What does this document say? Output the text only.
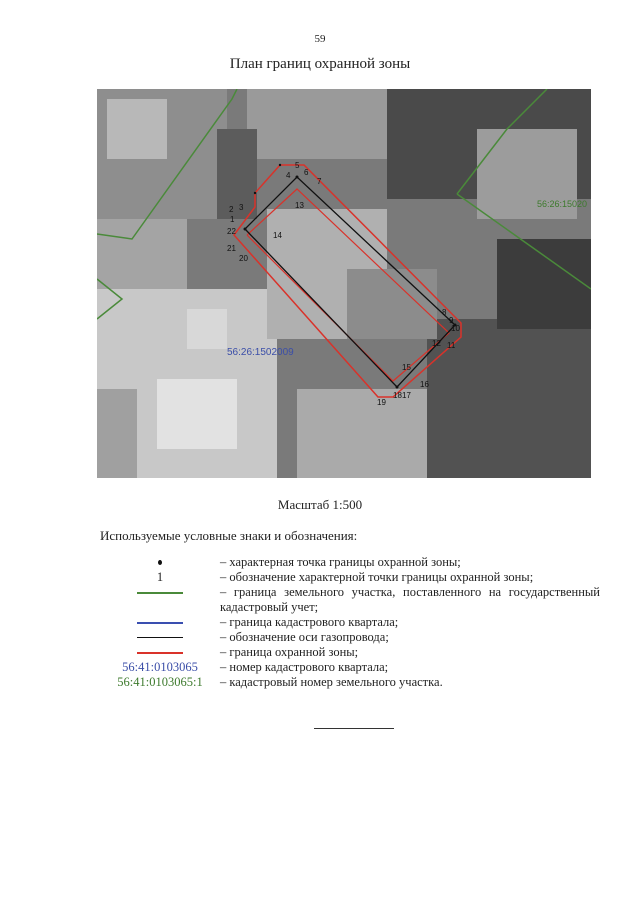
59
План границ охранной зоны
2 3
1
22
21
20
4
5
6
7
13
14
8
9
10
12 11
15
16
19
18 17
56:26:1502009
56:26:15020
Масштаб 1:500
Используемые условные знаки и обозначения:
– характерная точка границы охранной зоны;
1	– обозначение характерной точки границы охранной зоны;
– граница земельного участка, поставленного на государственный кадастровый учет;
– граница кадастрового квартала;
– обозначение оси газопровода;
– граница охранной зоны;
56:41:0103065	– номер кадастрового квартала;
56:41:0103065:1	– кадастровый номер земельного участка.
